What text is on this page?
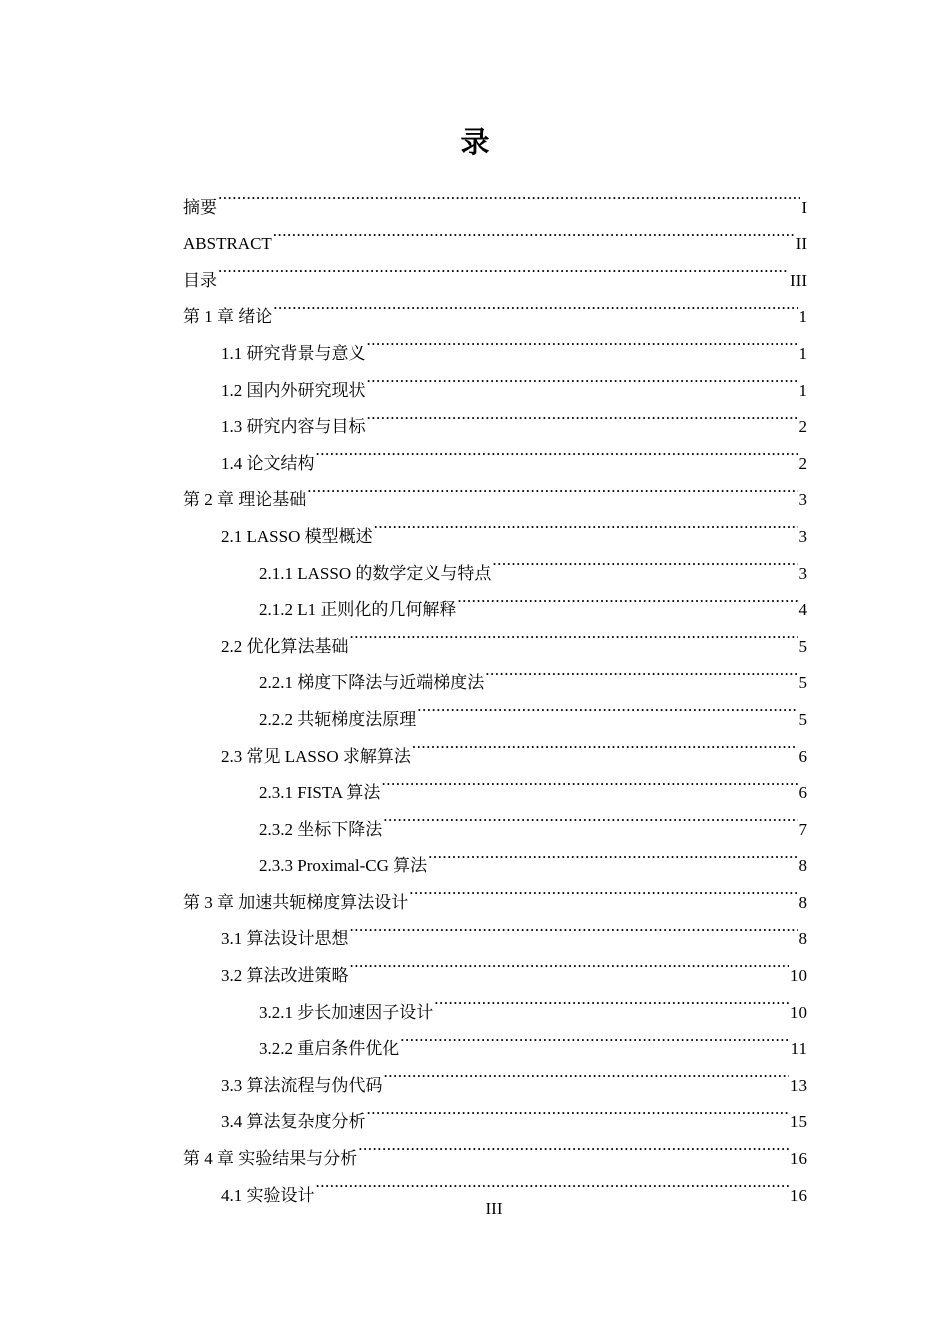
录
摘要 .....	I
ABSTRACT .....	II
目录 .....	III
第 1 章 绪论 .....	1
1.1 研究背景与意义 .....	1
1.2 国内外研究现状 .....	1
1.3 研究内容与目标 .....	2
1.4 论文结构 .....	2
第 2 章 理论基础 .....	3
2.1 LASSO 模型概述 .....	3
2.1.1 LASSO 的数学定义与特点 .....	3
2.1.2 L1 正则化的几何解释 .....	4
2.2 优化算法基础 .....	5
2.2.1 梯度下降法与近端梯度法 .....	5
2.2.2 共轭梯度法原理 .....	5
2.3 常见 LASSO 求解算法 .....	6
2.3.1 FISTA 算法 .....	6
2.3.2 坐标下降法 .....	7
2.3.3 Proximal-CG 算法 .....	8
第 3 章 加速共轭梯度算法设计 .....	8
3.1 算法设计思想 .....	8
3.2 算法改进策略 .....	10
3.2.1 步长加速因子设计 .....	10
3.2.2 重启条件优化 .....	11
3.3 算法流程与伪代码 .....	13
3.4 算法复杂度分析 .....	15
第 4 章 实验结果与分析 .....	16
4.1 实验设计 .....	16
III
